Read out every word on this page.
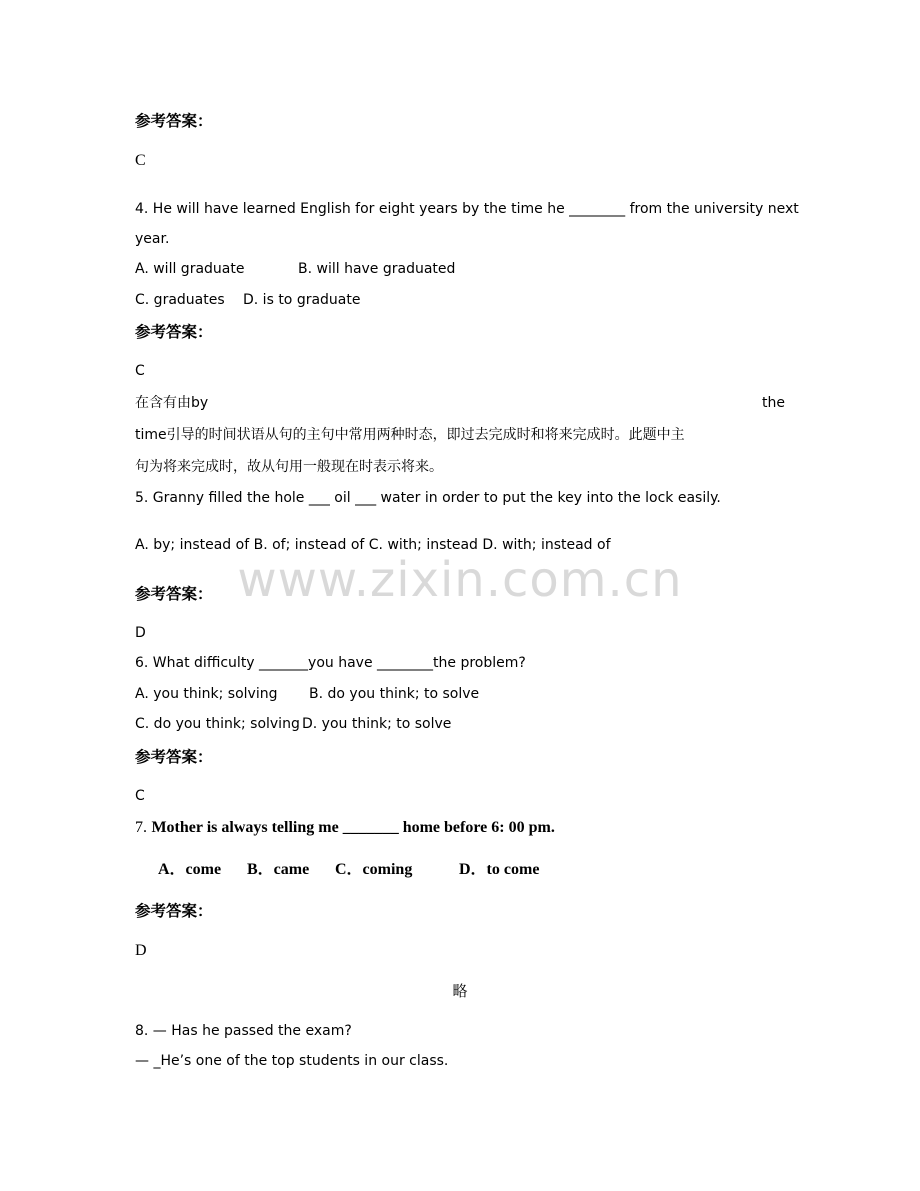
www.zixin.com.cn
参考答案：
C
4. He will have learned English for eight years by the time he ________ from the university next
year.
A. will graduate	B. will have graduated
C. graduates D. is to graduate
参考答案：
C
在含有由by	the
time引导的时间状语从句的主句中常用两种时态，即过去完成时和将来完成时。此题中主
句为将来完成时，故从句用一般现在时表示将来。
5. Granny filled the hole ___ oil ___ water in order to put the key into the lock easily.
A. by; instead of B. of; instead of C. with; instead D. with; instead of
参考答案：
D
6. What difficulty _______you have ________the problem?
A. you think; solving B. do you think; to solve
C. do you think; solving D. you think; to solve
参考答案：
C
7. Mother is always telling me _______ home before 6: 00 pm.
A．come B．came C．coming	D．to come
参考答案：
D
略
8. — Has he passed the exam?
— _He’s one of the top students in our class.
